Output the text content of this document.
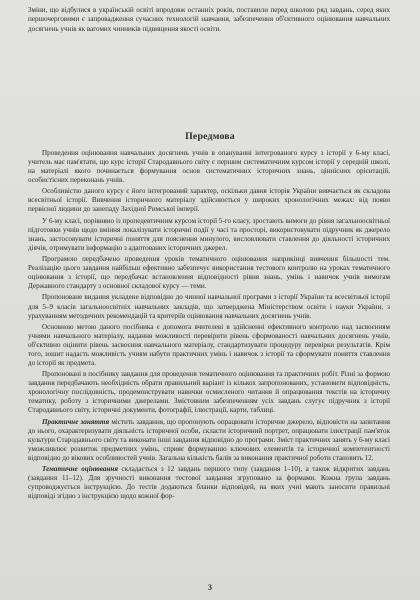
Зміни, що відбулися в українській освіті впродовж останніх років, поставили перед школою ряд завдань, серед яких першочерговими є запровадження сучасних технологій навчання, забезпечення об'єктивного оцінювання навчальних досягнень учнів як вагомих чинників підвищення якості освіти.
Передмова

Проведення оцінювання навчальних досягнень учнів в опануванні інтегрованого курсу з історії у 6-му класі, учитель має пам'ятати, що курс історії Стародавнього світу є першим систематичним курсом історії у середній школі, на матеріалі якого починається формування основ систематичних історичних знань, ціннісних орієнтацій, особистісних переконань учнів.

Особливістю даного курсу є його інтегрований характер, оскільки давня історія України вивчається як складова всесвітньої історії. Вивчення історичного матеріалу здійснюється у широких хронологічних межах: від появи первісної людини до занепаду Західної Римської імперії.

У 6-му класі, порівняно із пропедевтичним курсом історії 5-го класу, зростають вимоги до рівня загальноосвітньої підготовки учнів щодо вміння локалізувати історичні події у часі та просторі, використовувати підручник як джерело знань, застосовувати історичні поняття для пояснення минулого, висловлювати ставлення до діяльності історичних діячів, отримувати інформацію з адаптованих історичних джерел.

Програмою передбачено проведення уроків тематичного оцінювання наприкінці вивчення більшості тем. Реалізацію цього завдання найбільш ефективно забезпечує використання тестового контролю на уроках тематичного оцінювання з історії, що передбачає встановлення відповідності рівня знань, умінь і навичок учнів вимогам Державного стандарту з основної складової курсу — теми.

Пропоноване видання укладене відповідно до чинної навчальної програми з історії України та всесвітньої історії для 5–9 класів загальноосвітніх навчальних закладів, що затверджена Міністерством освіти і науки України, з урахуванням методичних рекомендацій та критеріїв оцінювання навчальних досягнень учнів.

Основною метою даного посібника є допомога вчителеві в здійсненні ефективного контролю над засвоєнням учнями навчального матеріалу, надання можливості перевірити рівень сформованості навчальних досягнень учнів, об'єктивно оцінити рівень засвоєння навчального матеріалу, стандартизувати процедуру перевірки результатів. Крім того, зошит надасть можливість учням набути практичних умінь і навичок з історії та сформувати поняття ставлення до історії як предмета.

Пропоновані в посібнику завдання для проведення тематичного оцінювання та практичних робіт. Різні за формою завдання передбачають необхідність обрати правильний варіант із кількох запропонованих, установити відповідність, хронологічну послідовність, продемонструвати навички осмисленого читання й опрацювання текстів на історичну тематику, роботу з історичними джерелами. Змістовним забезпеченням усіх завдань слугує підручник з історії Стародавнього світу, історичні документи, фотографії, ілюстрації, карти, таблиці.

Практичне заняття містить завдання, що пропонують опрацювати історичне джерело, відповісти на запитання до нього, охарактеризувати діяльність історичної особи, скласти історичний портрет, опрацювати ілюстрації пам'яток культури Стародавнього світу та виконати інші завдання відповідно до програми. Зміст практичних занять у 6-му класі уможливлює розвиток предметних умінь, сприяє формуванню ключових елементів та історичної компетентності відповідно до вікових особливостей учнів. Загальна кількість балів за виконання практичної роботи становить 12.

Тематичне оцінювання складається з 12 завдань першого типу (завдання 1–10), а також відкритих завдань (завдання 11–12). Для зручності виконання тестової завдання згруповано за формами. Кожна група завдань супроводжується інструкцією. До тестів додаються бланки відповідей, на яких учні мають заносити правильні відповіді згідно з інструкцією щодо кожної фор-

3
